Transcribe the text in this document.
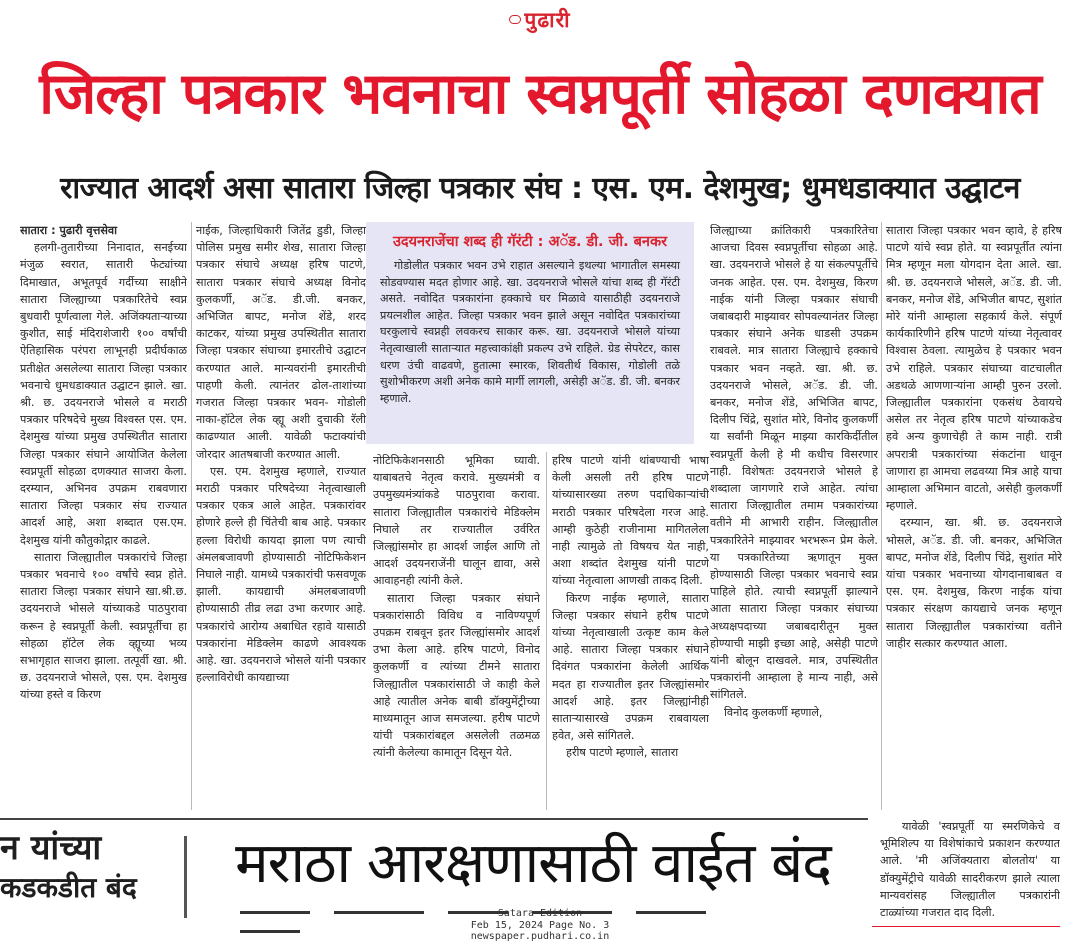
पुढारी
जिल्हा पत्रकार भवनाचा स्वप्नपूर्ती सोहळा दणक्यात
राज्यात आदर्श असा सातारा जिल्हा पत्रकार संघ : एस. एम. देशमुख; धुमधडाक्यात उद्घाटन

सातारा : पुढारी वृत्तसेवा

हलगी-तुतारीच्या निनादात, सनईच्या मंजुळ स्वरात, सातारी फेट्यांच्या दिमाखात, अभूतपूर्व गर्दीच्या साक्षीने सातारा जिल्ह्याच्या पत्रकारितेचे स्वप्न बुधवारी पूर्णत्वाला गेले. अजिंक्यताऱ्याच्या कुशीत, साई मंदिराशेजारी १०० वर्षांची ऐतिहासिक परंपरा लाभूनही प्रदीर्घकाळ प्रतीक्षेत असलेल्या सातारा जिल्हा पत्रकार भवनाचे धुमधडाक्यात उद्घाटन झाले. खा. श्री. छ. उदयनराजे भोसले व मराठी पत्रकार परिषदेचे मुख्य विश्वस्त एस. एम. देशमुख यांच्या प्रमुख उपस्थितीत सातारा जिल्हा पत्रकार संघाने आयोजित केलेला स्वप्नपूर्ती सोहळा दणक्यात साजरा केला. दरम्यान, अभिनव उपक्रम राबवणारा सातारा जिल्हा पत्रकार संघ राज्यात आदर्श आहे, अशा शब्दात एस.एम. देशमुख यांनी कौतुकोद्गार काढले.

सातारा जिल्ह्यातील पत्रकारांचे जिल्हा पत्रकार भवनाचे १०० वर्षांचे स्वप्न होते. सातारा जिल्हा पत्रकार संघाने खा.श्री.छ. उदयनराजे भोसले यांच्याकडे पाठपुरावा करून हे स्वप्नपूर्ती केली. स्वप्नपूर्तीचा हा सोहळा हॉटेल लेक व्ह्यूच्या भव्य सभागृहात साजरा झाला. तत्पूर्वी खा. श्री. छ. उदयनराजे भोसले, एस. एम. देशमुख यांच्या हस्ते व किरण

नाईक, जिल्हाधिकारी जितेंद्र डुडी, जिल्हा पोलिस प्रमुख समीर शेख, सातारा जिल्हा पत्रकार संघाचे अध्यक्ष हरिष पाटणे, सातारा पत्रकार संघाचे अध्यक्ष विनोद कुलकर्णी, अॅड. डी.जी. बनकर, अभिजित बापट, मनोज शेंडे, शरद काटकर, यांच्या प्रमुख उपस्थितीत सातारा जिल्हा पत्रकार संघाच्या इमारतीचे उद्घाटन करण्यात आले. मान्यवरांनी इमारतीची पाहणी केली. त्यानंतर ढोल-ताशांच्या गजरात जिल्हा पत्रकार भवन- गोडोली नाका-हॉटेल लेक व्ह्यू अशी दुचाकी रॅली काढण्यात आली. यावेळी फटाक्यांची जोरदार आतषबाजी करण्यात आली.

एस. एम. देशमुख म्हणाले, राज्यात मराठी पत्रकार परिषदेच्या नेतृत्वाखाली पत्रकार एकत्र आले आहेत. पत्रकारांवर होणारे हल्ले ही चिंतेची बाब आहे. पत्रकार हल्ला विरोधी कायदा झाला पण त्याची अंमलबजावणी होण्यासाठी नोटिफिकेशन निघाले नाही. यामध्ये पत्रकारांची फसवणूक झाली. कायद्याची अंमलबजावणी होण्यासाठी तीव्र लढा उभा करणार आहे. पत्रकारांचे आरोग्य अबाधित रहावे यासाठी पत्रकारांना मेडिक्लेम काढणे आवश्यक आहे. खा. उदयनराजे भोसले यांनी पत्रकार हल्लाविरोधी कायद्याच्या

उदयनराजेंचा शब्द ही गॅरंटी : अॅड. डी. जी. बनकर

गोडोलीत पत्रकार भवन उभे राहात असल्याने इथल्या भागातील समस्या सोडवण्यास मदत होणार आहे. खा. उदयनराजे भोसले यांचा शब्द ही गॅरंटी असते. नवोदित पत्रकारांना हक्काचे घर मिळावे यासाठीही उदयनराजे प्रयत्नशील आहेत. जिल्हा पत्रकार भवन झाले असून नवोदित पत्रकारांच्या घरकुलाचे स्वप्नही लवकरच साकार करू. खा. उदयनराजे भोसले यांच्या नेतृत्वाखाली साताऱ्यात महत्त्वाकांक्षी प्रकल्प उभे राहिले. ग्रेड सेपरेटर, कास धरण उंची वाढवणे, हुतात्मा स्मारक, शिवतीर्थ विकास, गोडोली तळे सुशोभीकरण अशी अनेक कामे मार्गी लागली, असेही अॅड. डी. जी. बनकर म्हणाले.

नोटिफिकेशनसाठी भूमिका घ्यावी. याबाबतचे नेतृत्व करावे. मुख्यमंत्री व उपमुख्यमंत्र्यांकडे पाठपुरावा करावा. सातारा जिल्ह्यातील पत्रकारांचे मेडिक्लेम निघाले तर राज्यातील उर्वरित जिल्ह्यांसमोर हा आदर्श जाईल आणि तो आदर्श उदयनराजेंनी घालून द्यावा, असे आवाहनही त्यांनी केले.

सातारा जिल्हा पत्रकार संघाने पत्रकारांसाठी विविध व नाविण्यपूर्ण उपक्रम राबवून इतर जिल्ह्यांसमोर आदर्श उभा केला आहे. हरिष पाटणे, विनोद कुलकर्णी व त्यांच्या टीमने सातारा जिल्ह्यातील पत्रकारांसाठी जे काही केले आहे त्यातील अनेक बाबी डॉक्युमेंट्रीच्या माध्यमातून आज समजल्या. हरीष पाटणे यांची पत्रकारांबद्दल असलेली तळमळ त्यांनी केलेल्या कामातून दिसून येते.

हरिष पाटणे यांनी थांबण्याची भाषा केली असली तरी हरिष पाटणे यांच्यासारख्या तरुण पदाधिकाऱ्यांची मराठी पत्रकार परिषदेला गरज आहे. आम्ही कुठेही राजीनामा मागितलेला नाही त्यामुळे तो विषयच येत नाही, अशा शब्दांत देशमुख यांनी पाटणे यांच्या नेतृत्वाला आणखी ताकद दिली.

किरण नाईक म्हणाले, सातारा जिल्हा पत्रकार संघाने हरीष पाटणे यांच्या नेतृत्वाखाली उत्कृष्ट काम केले आहे. सातारा जिल्हा पत्रकार संघाने दिवंगत पत्रकारांना केलेली आर्थिक मदत हा राज्यातील इतर जिल्ह्यांसमोर आदर्श आहे. इतर जिल्ह्यांनीही साताऱ्यासारखे उपक्रम राबवायला हवेत, असे सांगितले.

हरीष पाटणे म्हणाले, सातारा

जिल्ह्याच्या क्रांतिकारी पत्रकारितेचा आजचा दिवस स्वप्नपूर्तीचा सोहळा आहे. खा. उदयनराजे भोसले हे या संकल्पपूर्तीचे जनक आहेत. एस. एम. देशमुख, किरण नाईक यांनी जिल्हा पत्रकार संघाची जबाबदारी माझ्यावर सोपवल्यानंतर जिल्हा पत्रकार संघाने अनेक धाडसी उपक्रम राबवले. मात्र सातारा जिल्ह्याचे हक्काचे पत्रकार भवन नव्हते. खा. श्री. छ. उदयनराजे भोसले, अॅड. डी. जी. बनकर, मनोज शेंडे, अभिजित बापट, दिलीप चिंद्रे, सुशांत मोरे, विनोद कुलकर्णी या सर्वांनी मिळून माझ्या कारकिर्दीतील स्वप्नपूर्ती केली हे मी कधीच विसरणार नाही. विशेषतः उदयनराजे भोसले हे शब्दाला जागणारे राजे आहेत. त्यांचा सातारा जिल्ह्यातील तमाम पत्रकारांच्या वतीने मी आभारी राहीन. जिल्ह्यातील पत्रकारितेने माझ्यावर भरभरून प्रेम केले. या पत्रकारितेच्या ऋणातून मुक्त होण्यासाठी जिल्हा पत्रकार भवनाचे स्वप्न पाहिले होते. त्याची स्वप्नपूर्ती झाल्याने आता सातारा जिल्हा पत्रकार संघाच्या अध्यक्षपदाच्या जबाबदारीतून मुक्त होण्याची माझी इच्छा आहे, असेही पाटणे यांनी बोलून दाखवले. मात्र, उपस्थितीत पत्रकारांनी आम्हाला हे मान्य नाही, असे सांगितले.

विनोद कुलकर्णी म्हणाले,

सातारा जिल्हा पत्रकार भवन व्हावे, हे हरिष पाटणे यांचे स्वप्न होते. या स्वप्नपूर्तीत त्यांना मित्र म्हणून मला योगदान देता आले. खा. श्री. छ. उदयनराजे भोसले, अॅड. डी. जी. बनकर, मनोज शेंडे, अभिजीत बापट, सुशांत मोरे यांनी आम्हाला सहकार्य केले. संपूर्ण कार्यकारिणीने हरिष पाटणे यांच्या नेतृत्वावर विश्वास ठेवला. त्यामुळेच हे पत्रकार भवन उभे राहिले. पत्रकार संघाच्या वाटचालीत अडथळे आणणाऱ्यांना आम्ही पुरुन उरलो. जिल्ह्यातील पत्रकारांना एकसंध ठेवायचे असेल तर नेतृत्व हरिष पाटणे यांच्याकडेच हवे अन्य कुणाचेही ते काम नाही. रात्री अपरात्री पत्रकारांच्या संकटांना धावून जाणारा हा आमचा लढवय्या मित्र आहे याचा आम्हाला अभिमान वाटतो, असेही कुलकर्णी म्हणाले.

दरम्यान, खा. श्री. छ. उदयनराजे भोसले, अॅड. डी. जी. बनकर, अभिजित बापट, मनोज शेंडे, दिलीप चिंद्रे, सुशांत मोरे यांचा पत्रकार भवनाच्या योगदानाबाबत व एस. एम. देशमुख, किरण नाईक यांचा पत्रकार संरक्षण कायद्याचे जनक म्हणून सातारा जिल्ह्यातील पत्रकारांच्या वतीने जाहीर सत्कार करण्यात आला.

यावेळी 'स्वप्नपूर्ती या स्मरणिकेचे व भूमिशिल्प या विशेषांकाचे प्रकाशन करण्यात आले. 'मी अजिंक्यतारा बोलतोय' या डॉक्युमेंट्रीचे यावेळी सादरीकरण झाले त्याला मान्यवरांसह जिल्ह्यातील पत्रकारांनी टाळ्यांच्या गजरात दाद दिली.

न यांच्या
कडकडीत बंद	मराठा आरक्षणासाठी वाईत बंद
Satara Edition
Feb 15, 2024 Page No. 3
newspaper.pudhari.co.in
